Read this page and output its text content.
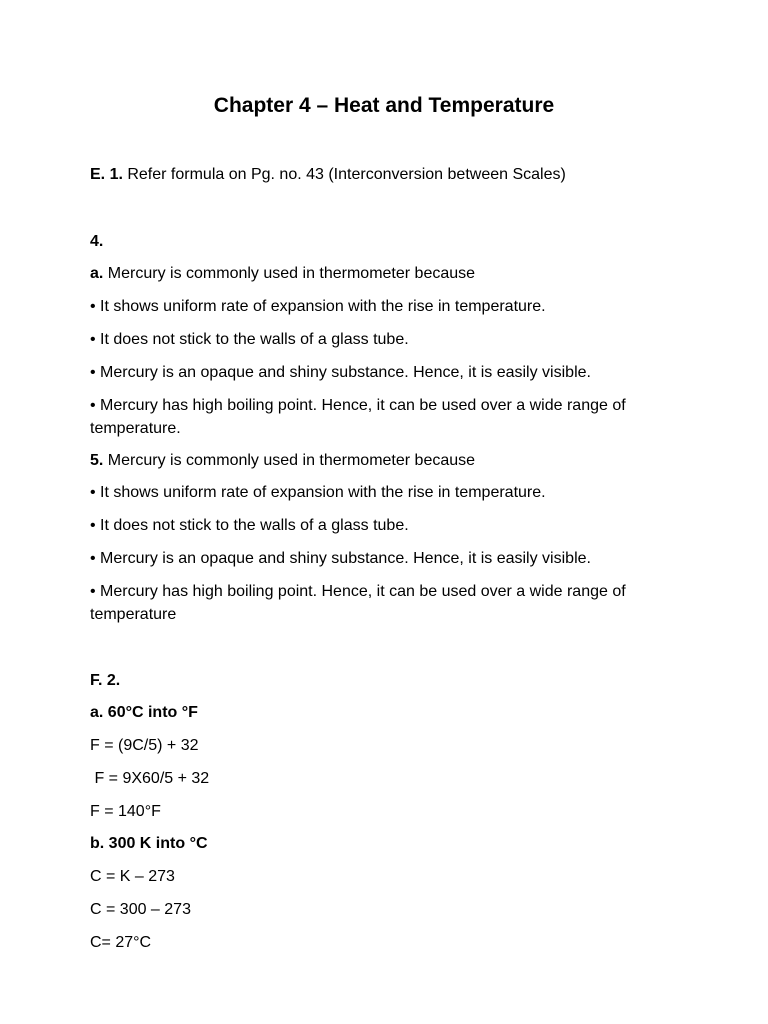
Chapter 4 – Heat and Temperature

E. 1. Refer formula on Pg. no. 43 (Interconversion between Scales)

4.

a. Mercury is commonly used in thermometer because

• It shows uniform rate of expansion with the rise in temperature.

• It does not stick to the walls of a glass tube.

• Mercury is an opaque and shiny substance. Hence, it is easily visible.

• Mercury has high boiling point. Hence, it can be used over a wide range of temperature.

5. Mercury is commonly used in thermometer because

• It shows uniform rate of expansion with the rise in temperature.

• It does not stick to the walls of a glass tube.

• Mercury is an opaque and shiny substance. Hence, it is easily visible.

• Mercury has high boiling point. Hence, it can be used over a wide range of temperature

F. 2.

a. 60°C into °F

F = (9C/5) + 32

F = 9X60/5 + 32

F = 140°F

b. 300 K into °C

C = K – 273

C = 300 – 273

C= 27°C
